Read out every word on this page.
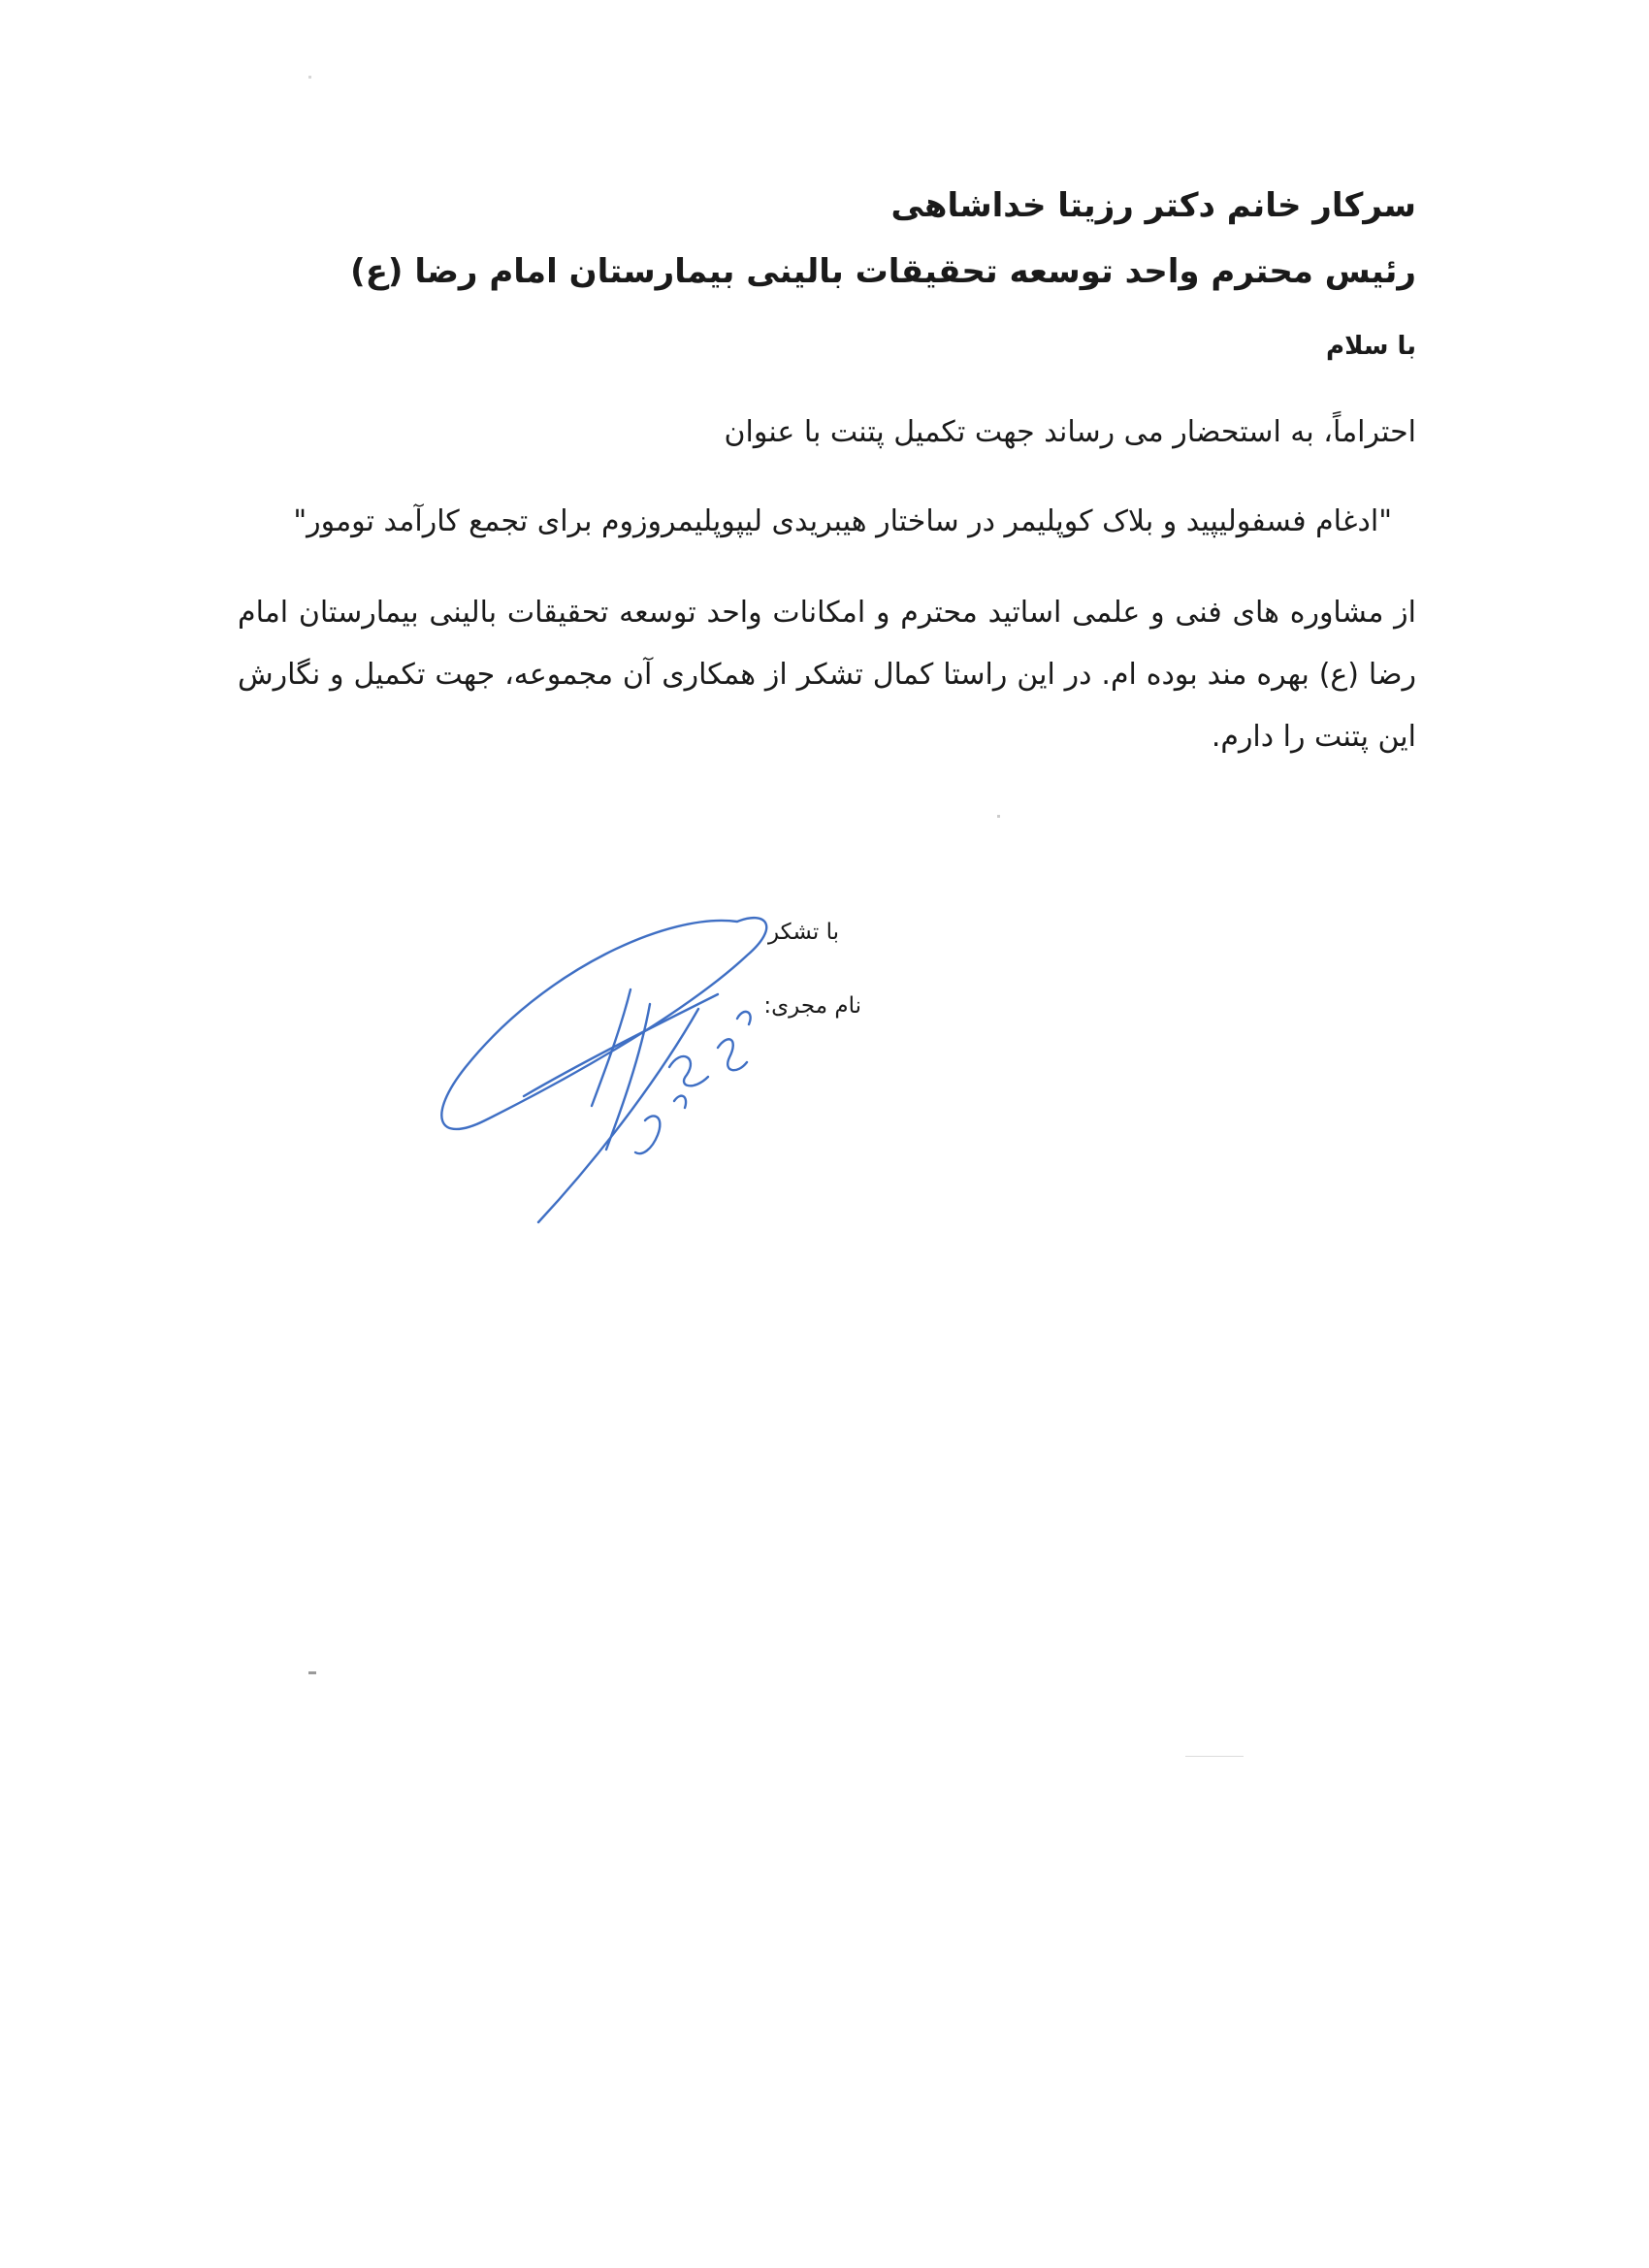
سرکار خانم دکتر رزیتا خداشاهی
رئیس محترم واحد توسعه تحقیقات بالینی بیمارستان امام رضا (ع)
با سلام
احتراماً، به استحضار می رساند جهت تکمیل پتنت با عنوان
"ادغام فسفولیپید و بلاک کوپلیمر در ساختار هیبریدی لیپوپلیمروزوم برای تجمع کارآمد تومور"
از مشاوره های فنی و علمی اساتید محترم و امکانات واحد توسعه تحقیقات بالینی بیمارستان امام رضا (ع) بهره مند بوده ام. در این راستا کمال تشکر از همکاری آن مجموعه، جهت تکمیل و نگارش این پتنت را دارم.
با تشکر
نام مجری:
